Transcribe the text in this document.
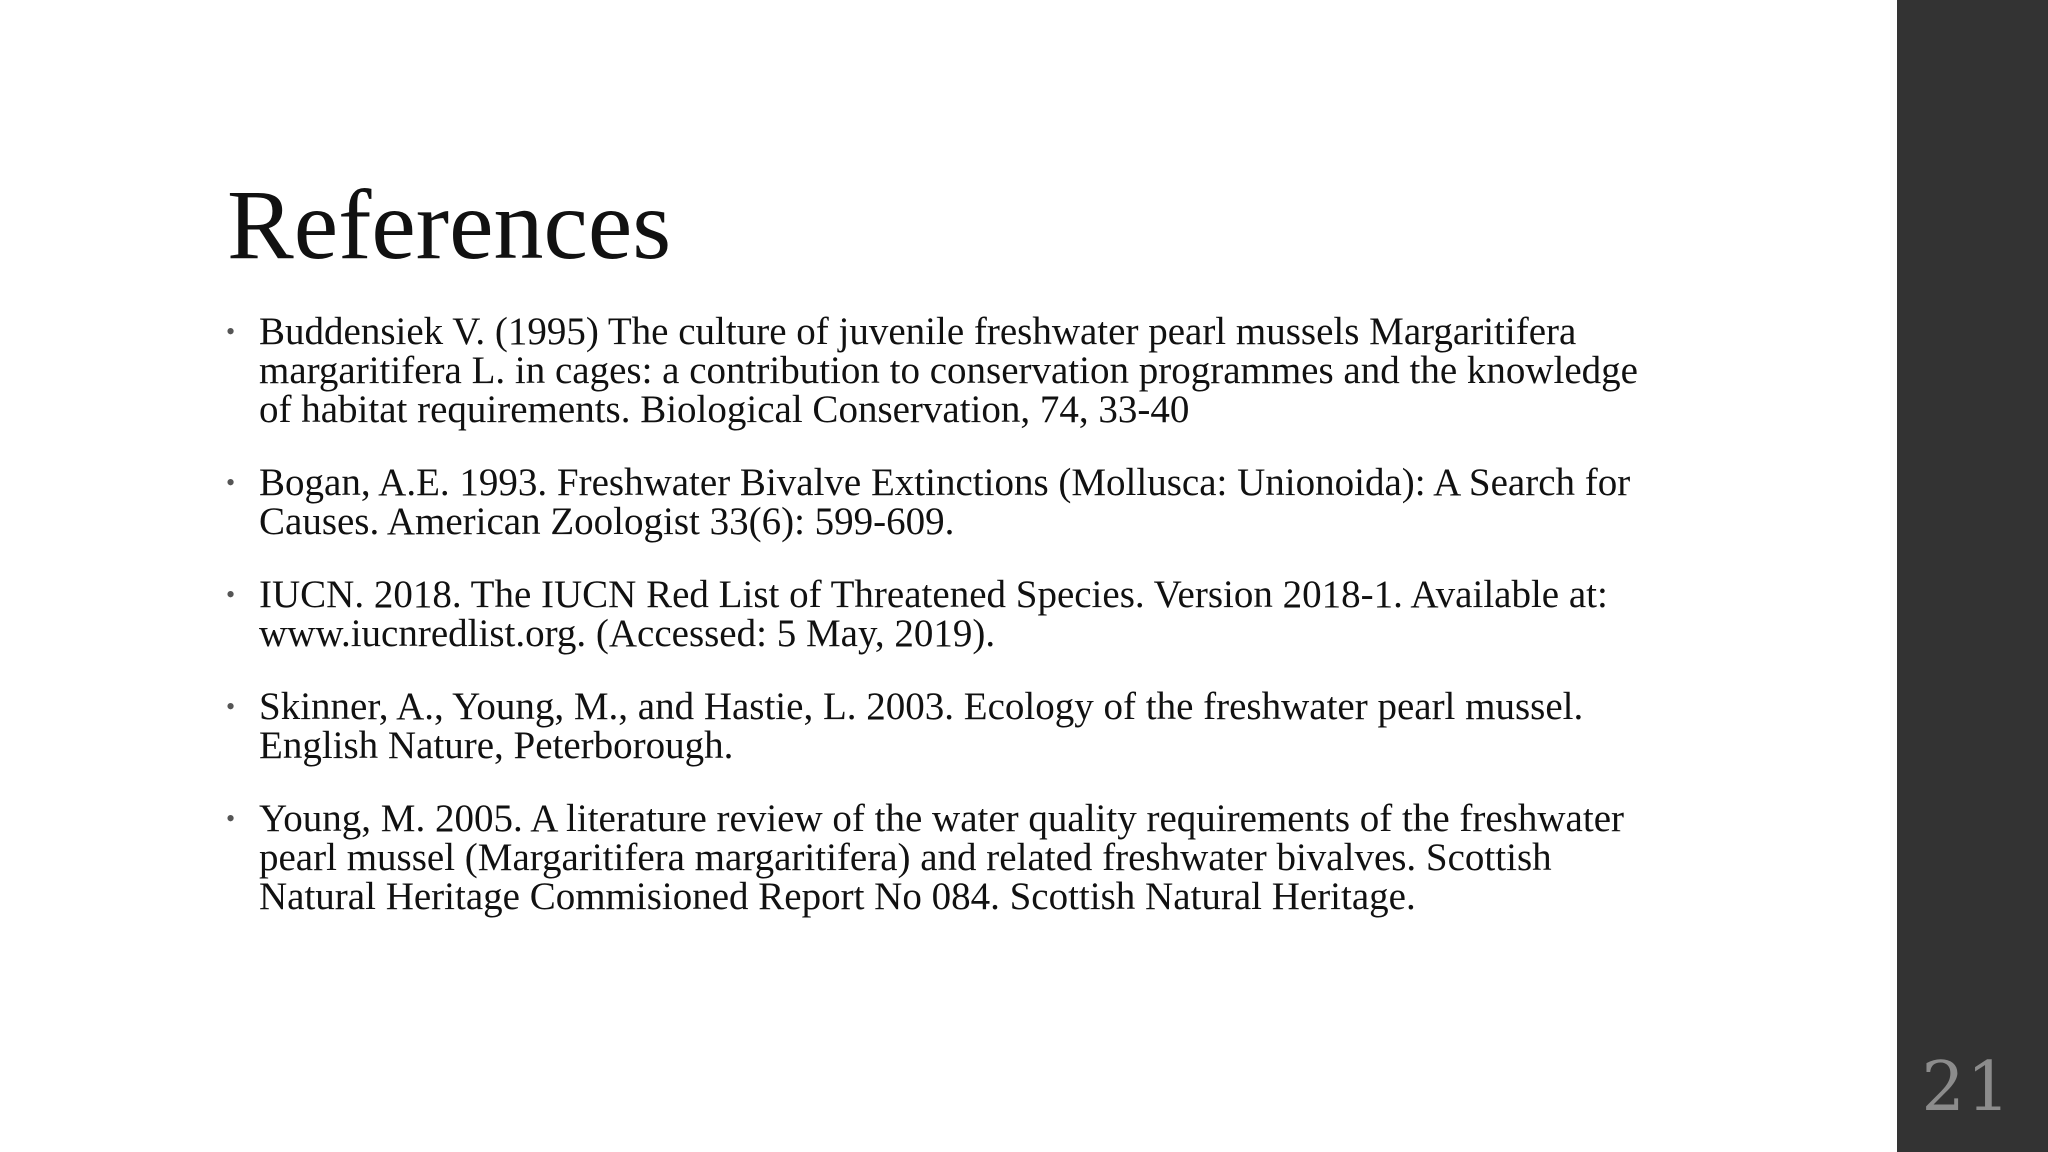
References
• Buddensiek V. (1995) The culture of juvenile freshwater pearl mussels Margaritifera margaritifera L. in cages: a contribution to conservation programmes and the knowledge of habitat requirements. Biological Conservation, 74, 33-40
• Bogan, A.E. 1993. Freshwater Bivalve Extinctions (Mollusca: Unionoida): A Search for Causes. American Zoologist 33(6): 599-609.
• IUCN. 2018. The IUCN Red List of Threatened Species. Version 2018-1. Available at: www.iucnredlist.org. (Accessed: 5 May, 2019).
• Skinner, A., Young, M., and Hastie, L. 2003. Ecology of the freshwater pearl mussel. English Nature, Peterborough.
• Young, M. 2005. A literature review of the water quality requirements of the freshwater pearl mussel (Margaritifera margaritifera) and related freshwater bivalves. Scottish Natural Heritage Commisioned Report No 084. Scottish Natural Heritage.
21
